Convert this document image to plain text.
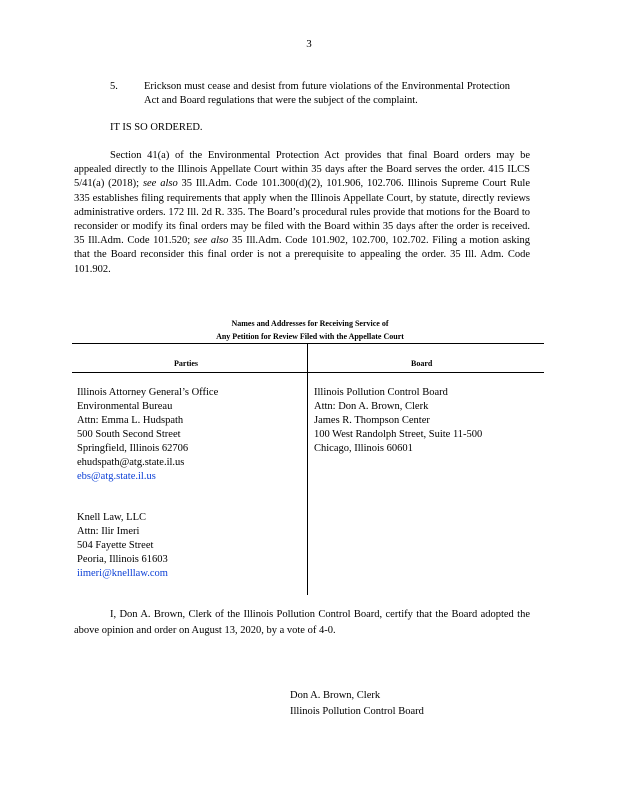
3
5. Erickson must cease and desist from future violations of the Environmental Protection Act and Board regulations that were the subject of the complaint.
IT IS SO ORDERED.
Section 41(a) of the Environmental Protection Act provides that final Board orders may be appealed directly to the Illinois Appellate Court within 35 days after the Board serves the order. 415 ILCS 5/41(a) (2018); see also 35 Ill.Adm. Code 101.300(d)(2), 101.906, 102.706. Illinois Supreme Court Rule 335 establishes filing requirements that apply when the Illinois Appellate Court, by statute, directly reviews administrative orders. 172 Ill. 2d R. 335. The Board’s procedural rules provide that motions for the Board to reconsider or modify its final orders may be filed with the Board within 35 days after the order is received. 35 Ill.Adm. Code 101.520; see also 35 Ill.Adm. Code 101.902, 102.700, 102.702. Filing a motion asking that the Board reconsider this final order is not a prerequisite to appealing the order. 35 Ill. Adm. Code 101.902.
Names and Addresses for Receiving Service of
Any Petition for Review Filed with the Appellate Court
Parties	Board
Illinois Attorney General’s Office
Environmental Bureau
Attn: Emma L. Hudspath
500 South Second Street
Springfield, Illinois 62706
ehudspath@atg.state.il.us
ebs@atg.state.il.us
Knell Law, LLC
Attn: Ilir Imeri
504 Fayette Street
Peoria, Illinois 61603
iimeri@knelllaw.com
Illinois Pollution Control Board
Attn: Don A. Brown, Clerk
James R. Thompson Center
100 West Randolph Street, Suite 11-500
Chicago, Illinois 60601
I, Don A. Brown, Clerk of the Illinois Pollution Control Board, certify that the Board adopted the above opinion and order on August 13, 2020, by a vote of 4-0.
Don A. Brown, Clerk
Illinois Pollution Control Board
